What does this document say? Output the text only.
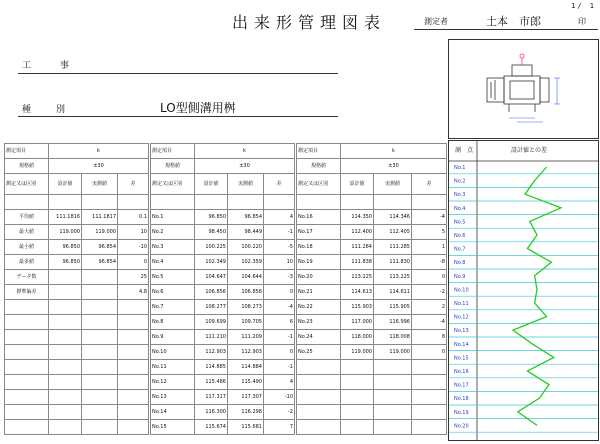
1/ 1
出来形管理図表	測定者	土本　市郎	印
工　事
種　別	LO型側溝用桝
測定項目	k		
規格値	±30		
測定又は区別	設計値	実測値	差

平均値	111.1816	111.1817	0.1
最大値	119.000	119.000	10
最小値	96.850	96.854	-10
最多値	96.850	96.854	0
データ数			25
標準偏差			4.8

測定項目	k		
規格値	±30		
測定又は区別	設計値	実測値	差

No.1	96.850	96.854	4
No.2	98.450	98.449	-1
No.3	100.225	100.220	-5
No.4	102.349	102.359	10
No.5	104.647	104.644	-3
No.6	106.856	106.856	0
No.7	108.277	108.273	-4
No.8	109.699	109.705	6
No.9	111.210	111.209	-1
No.10	112.903	112.903	0
No.11	114.885	114.884	-1
No.12	115.486	115.490	4
No.13	117.317	117.307	-10
No.14	116.300	116.298	-2
No.15	115.674	115.681	7
測定項目	k		
規格値	±30		
測定又は区別	設計値	実測値	差

No.16	114.350	114.346	-4
No.17	112.400	112.405	5
No.18	111.284	111.285	1
No.19	111.838	111.830	-8
No.20	113.225	113.225	0
No.21	114.613	114.611	-2
No.22	115.903	115.905	2
No.23	117.000	116.996	-4
No.24	118.000	118.008	8
No.25	119.000	119.000	0

測　点	設計値との差
No.1
No.2
No.3
No.4
No.5
No.6
No.7
No.8
No.9
No.10
No.11
No.12
No.13
No.14
No.15
No.16
No.17
No.18
No.19
No.20
